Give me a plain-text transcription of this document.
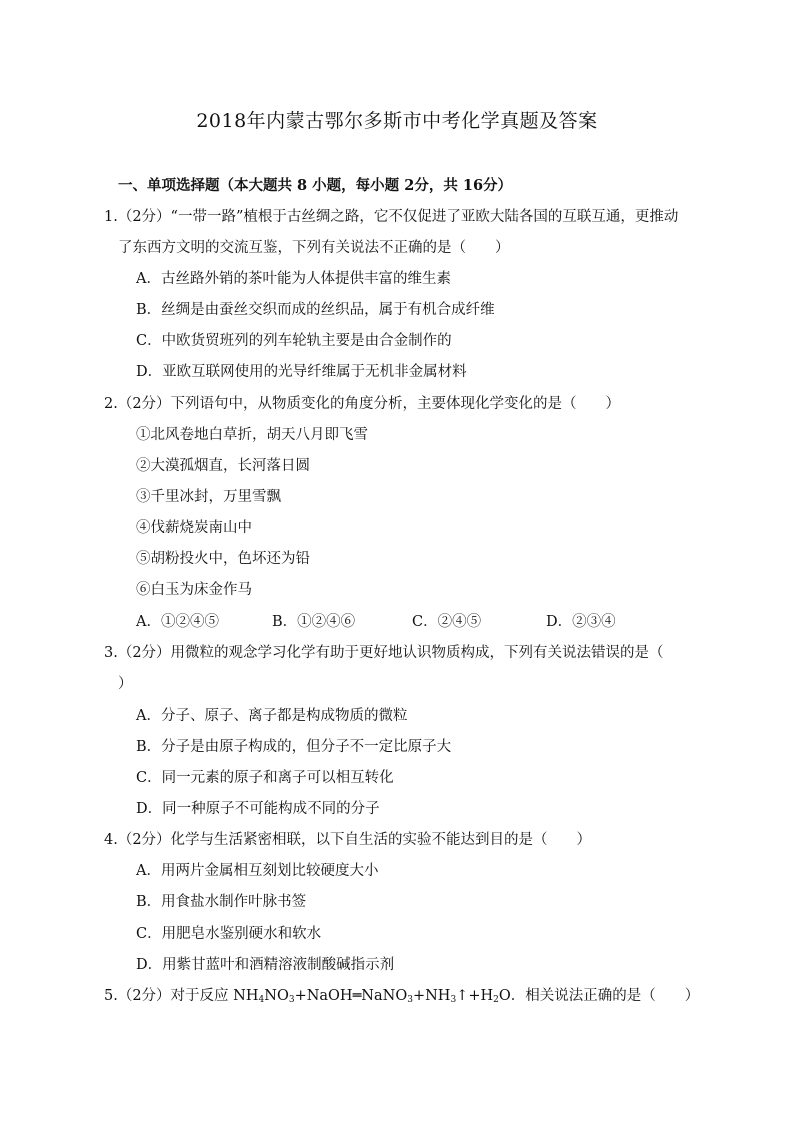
2018年内蒙古鄂尔多斯市中考化学真题及答案
一、单项选择题（本大题共 8 小题，每小题 2分，共 16分）
1.（2分）“一带一路”植根于古丝绸之路，它不仅促进了亚欧大陆各国的互联互通，更推动
了东西方文明的交流互鉴，下列有关说法不正确的是（　　）
A．古丝路外销的茶叶能为人体提供丰富的维生素
B．丝绸是由蚕丝交织而成的丝织品，属于有机合成纤维
C．中欧货贸班列的列车轮轨主要是由合金制作的
D．亚欧互联网使用的光导纤维属于无机非金属材料
2.（2分）下列语句中，从物质变化的角度分析，主要体现化学变化的是（　　）
①北风卷地白草折，胡天八月即飞雪
②大漠孤烟直，长河落日圆
③千里冰封，万里雪飘
④伐薪烧炭南山中
⑤胡粉投火中，色坏还为铅
⑥白玉为床金作马
A．①②④⑤	B．①②④⑥	C．②④⑤	D．②③④
3.（2分）用微粒的观念学习化学有助于更好地认识物质构成，下列有关说法错误的是（
）
A．分子、原子、离子都是构成物质的微粒
B．分子是由原子构成的，但分子不一定比原子大
C．同一元素的原子和离子可以相互转化
D．同一种原子不可能构成不同的分子
4.（2分）化学与生活紧密相联，以下自生活的实验不能达到目的是（　　）
A．用两片金属相互刻划比较硬度大小
B．用食盐水制作叶脉书签
C．用肥皂水鉴别硬水和软水
D．用紫甘蓝叶和酒精溶液制酸碱指示剂
5.（2分）对于反应 $NH_4NO_3+NaOH═NaNO_3+NH_3↑+H_2O$．相关说法正确的是（　　）
